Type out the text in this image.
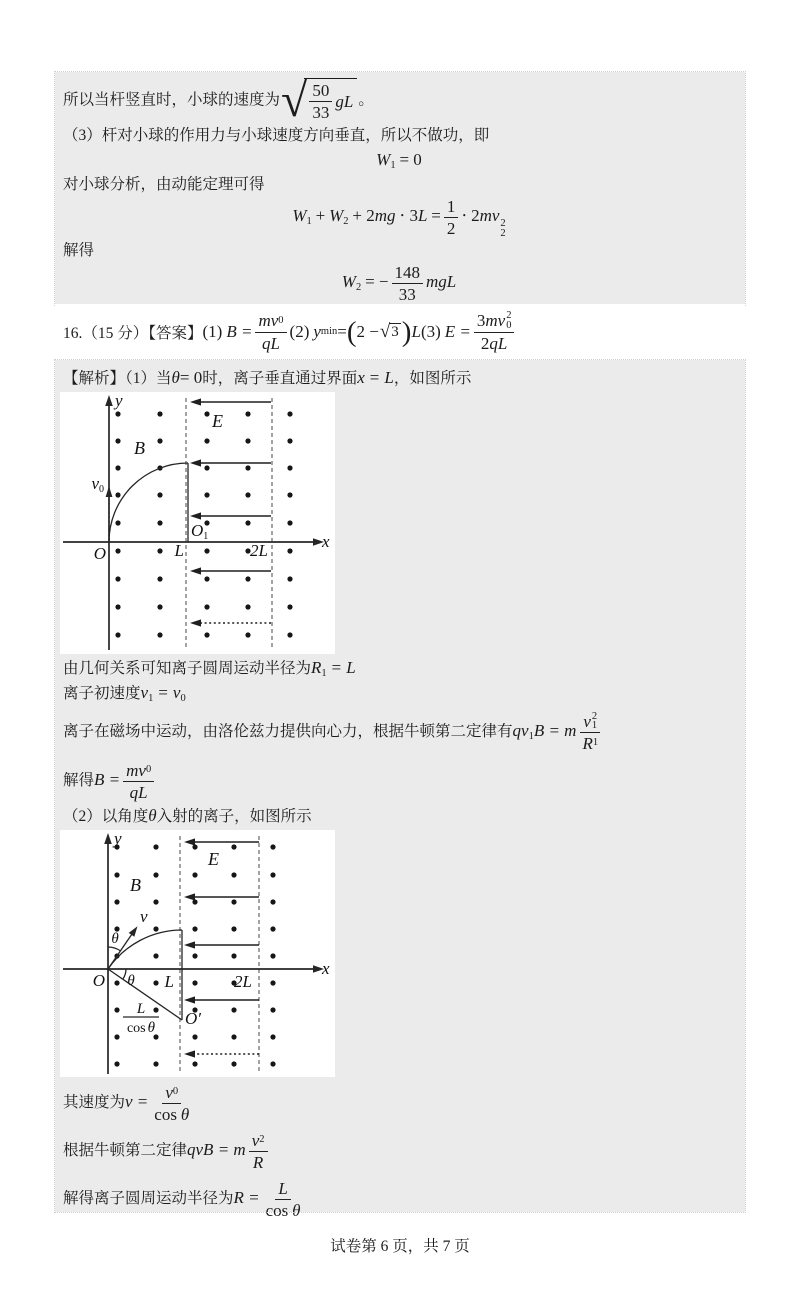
所以当杆竖直时，小球的速度为 √ $\frac{50}{33}$ gL 。

（3）杆对小球的作用力与小球速度方向垂直，所以不做功，即

$W_1 = 0$

对小球分析，由动能定理可得

$W_1 + W_2 + 2mg \cdot 3L = \frac{1}{2} \cdot 2mv$ 2
2

解得

$W_2$ = − $\frac{148}{33}$ mgL

16.（15 分）【答案】 (1)
$B = \frac{mv 0}{qL} (2)$
y min = ( 2 − √ 3 ) L (3)
E = 3 mv 2
0
2 qL

【解析】（1）当θ= 0时，离子垂直通过界面x = L，如图所示

y
x
O
B
E
L	2L
O1
v0

由几何关系可知离子圆周运动半径为$R_1 = L$

离子初速度$v_1 = v_0$

离子在磁场中运动，由洛伦兹力提供向心力，根据牛顿第二定律有$qv_1B = m$ v 2
1
R 1

解得$B = \frac{mv 0}{qL}$

（2）以角度θ入射的离子，如图所示

y
x
O
B
E
v
θ
θ L	2L
O′
L
cos θ

其速度为v = v 0
cos
θ

根据牛顿第二定律qvB = m $\frac{v 2}{R}$

解得离子圆周运动半径为R = L
cos
θ

试卷第 6 页，共 7 页
